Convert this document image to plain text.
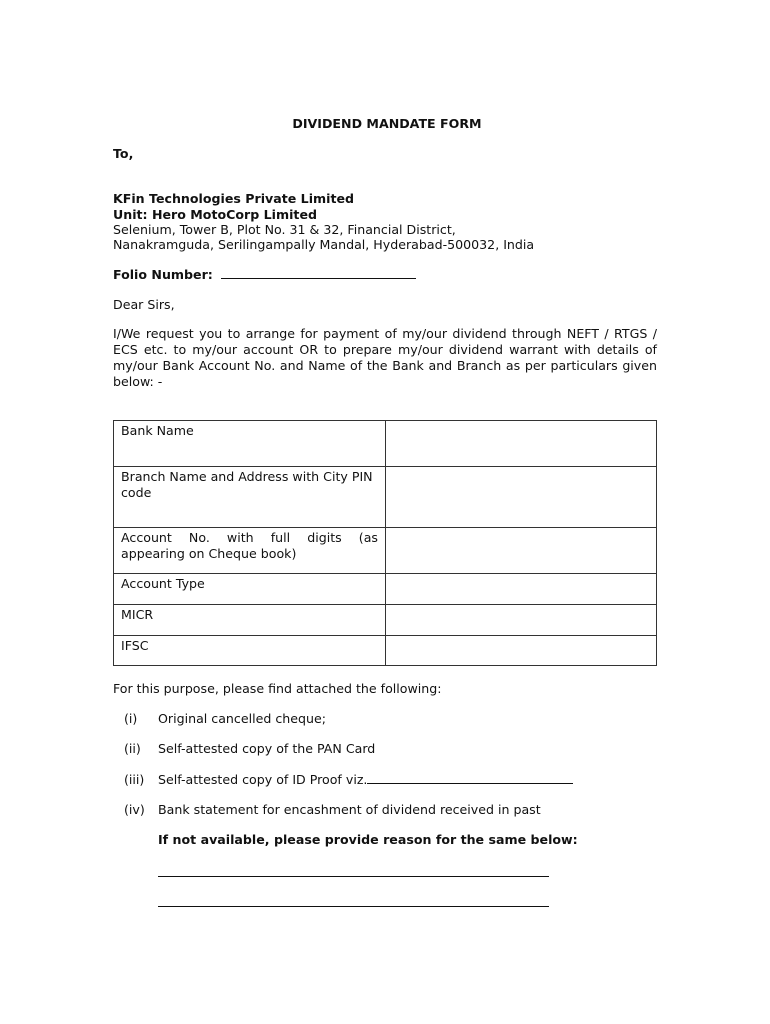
DIVIDEND MANDATE FORM
To,
KFin Technologies Private Limited
Unit: Hero MotoCorp Limited
Selenium, Tower B, Plot No. 31 & 32, Financial District,
Nanakramguda, Serilingampally Mandal, Hyderabad-500032, India
Folio Number:
Dear Sirs,
I/We request you to arrange for payment of my/our dividend through NEFT / RTGS / ECS etc. to my/our account OR to prepare my/our dividend warrant with details of my/our Bank Account No. and Name of the Bank and Branch as per particulars given below: -
Bank Name	
Branch Name and Address with City PIN code	
Account No. with full digits (as appearing on Cheque book)	
Account Type	
MICR	
IFSC	
For this purpose, please find attached the following:
(i) Original cancelled cheque;
(ii) Self-attested copy of the PAN Card
(iii) Self-attested copy of ID Proof viz.
(iv) Bank statement for encashment of dividend received in past
If not available, please provide reason for the same below:
